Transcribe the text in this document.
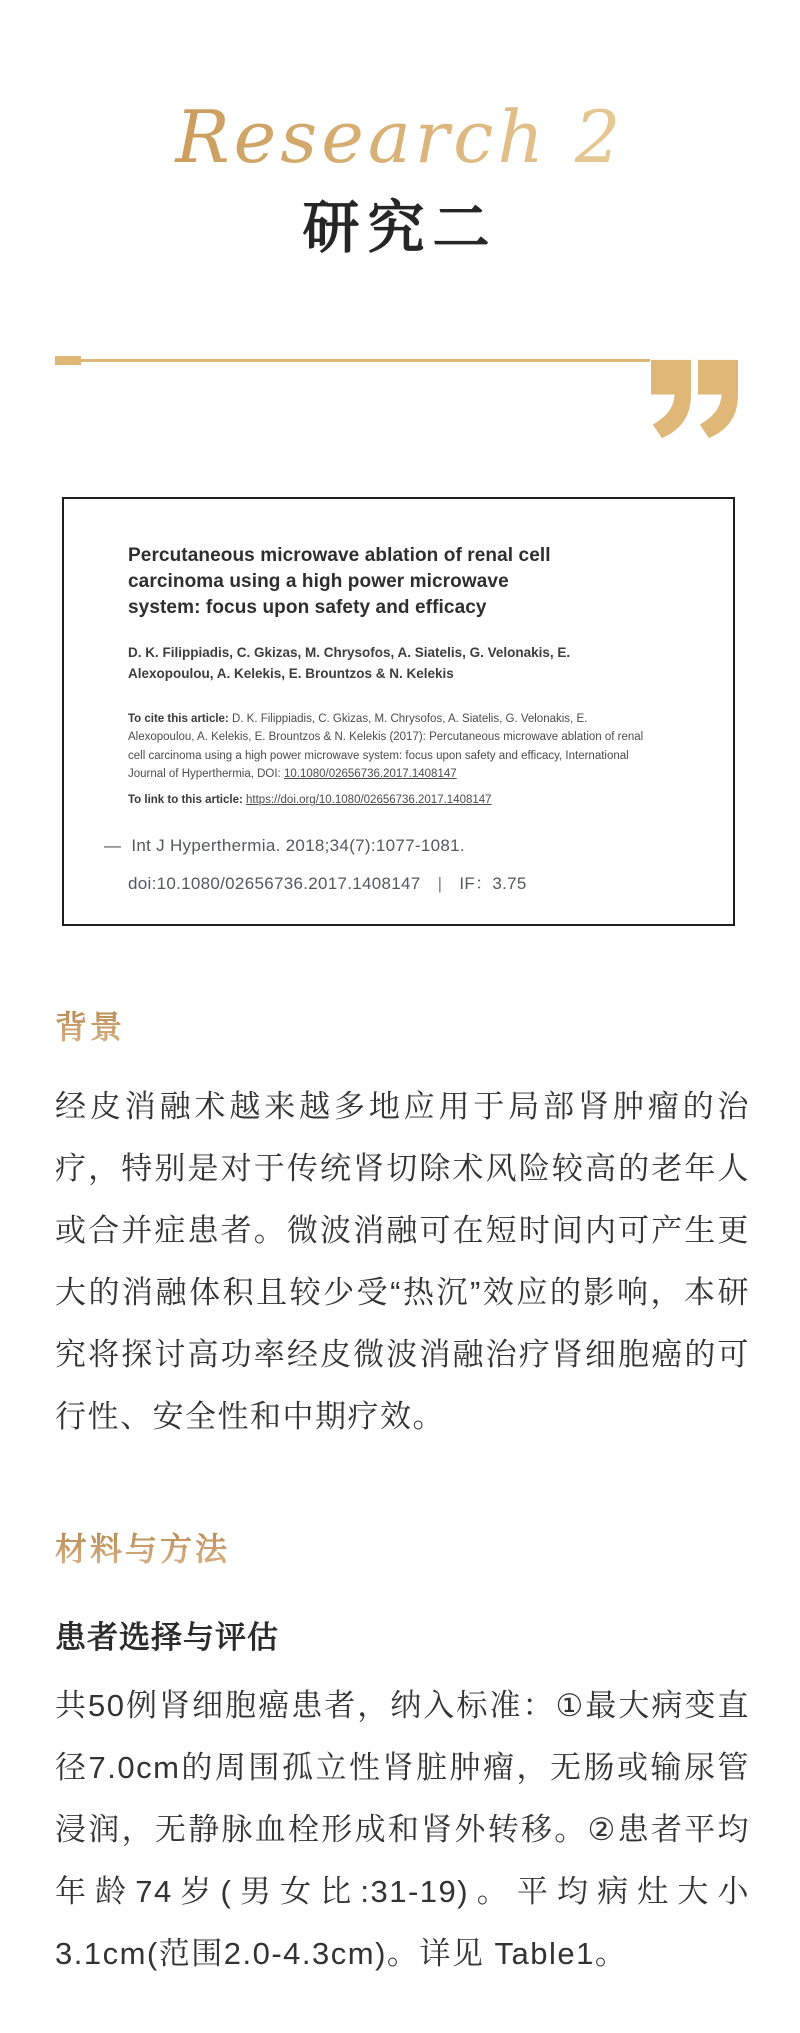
Research 2
研究二
Percutaneous microwave ablation of renal cell carcinoma using a high power microwave system: focus upon safety and efficacy
D. K. Filippiadis, C. Gkizas, M. Chrysofos, A. Siatelis, G. Velonakis, E. Alexopoulou, A. Kelekis, E. Brountzos & N. Kelekis
To cite this article: D. K. Filippiadis, C. Gkizas, M. Chrysofos, A. Siatelis, G. Velonakis, E. Alexopoulou, A. Kelekis, E. Brountzos & N. Kelekis (2017): Percutaneous microwave ablation of renal cell carcinoma using a high power microwave system: focus upon safety and efficacy, International Journal of Hyperthermia, DOI: 10.1080/02656736.2017.1408147
To link to this article: https://doi.org/10.1080/02656736.2017.1408147
— Int J Hyperthermia. 2018;34(7):1077-1081.
doi:10.1080/02656736.2017.1408147 | IF：3.75
背景
经皮消融术越来越多地应用于局部肾肿瘤的治疗，特别是对于传统肾切除术风险较高的老年人或合并症患者。微波消融可在短时间内可产生更大的消融体积且较少受“热沉”效应的影响，本研究将探讨高功率经皮微波消融治疗肾细胞癌的可行性、安全性和中期疗效。
材料与方法
患者选择与评估
共50例肾细胞癌患者，纳入标准：①最大病变直径7.0cm的周围孤立性肾脏肿瘤，无肠或输尿管浸润，无静脉血栓形成和肾外转移。②患者平均年龄74岁(男女比:31-19)。平均病灶大小3.1cm(范围2.0-4.3cm)。详见 Table1。
